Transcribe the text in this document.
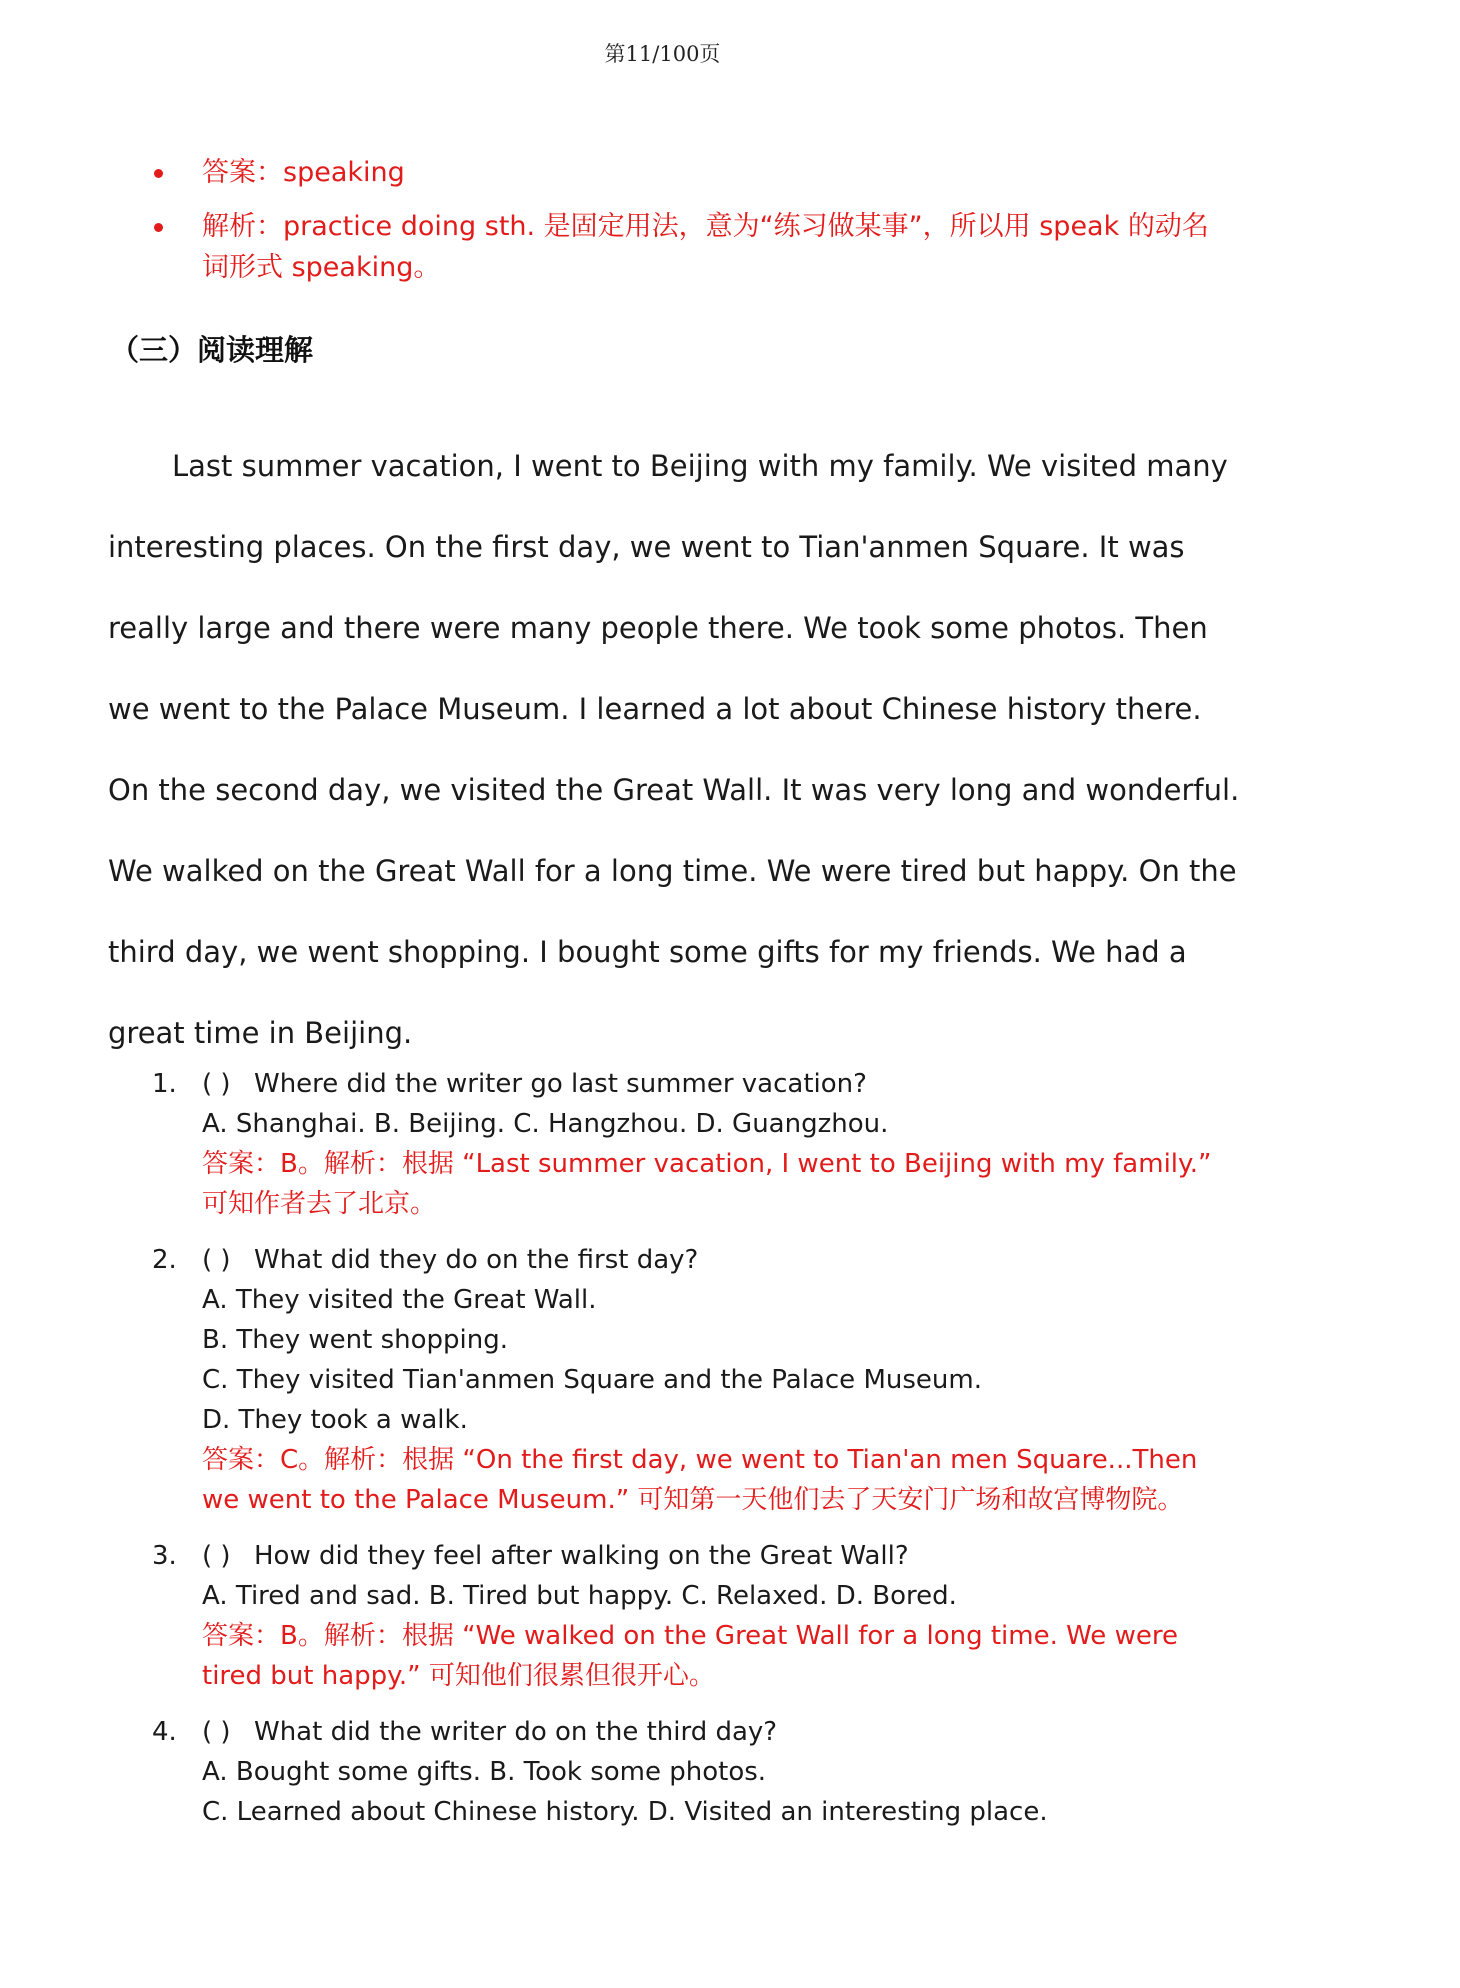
第11/100页
答案：speaking
解析：practice doing sth. 是固定用法，意为“练习做某事”，所以用 speak 的动名词形式 speaking。
（三）阅读理解

Last summer vacation, I went to Beijing with my family. We visited many interesting places. On the first day, we went to Tian'anmen Square. It was really large and there were many people there. We took some photos. Then we went to the Palace Museum. I learned a lot about Chinese history there. On the second day, we visited the Great Wall. It was very long and wonderful. We walked on the Great Wall for a long time. We were tired but happy. On the third day, we went shopping. I bought some gifts for my friends. We had a great time in Beijing.

1. ( ) Where did the writer go last summer vacation?
A. Shanghai. B. Beijing. C. Hangzhou. D. Guangzhou.
答案：B。解析：根据 “Last summer vacation, I went to Beijing with my family.” 可知作者去了北京。
2. ( ) What did they do on the first day?
A. They visited the Great Wall.
B. They went shopping.
C. They visited Tian'anmen Square and the Palace Museum.
D. They took a walk.
答案：C。解析：根据 “On the first day, we went to Tian'an men Square...Then we went to the Palace Museum.” 可知第一天他们去了天安门广场和故宫博物院。
3. ( ) How did they feel after walking on the Great Wall?
A. Tired and sad. B. Tired but happy. C. Relaxed. D. Bored.
答案：B。解析：根据 “We walked on the Great Wall for a long time. We were tired but happy.” 可知他们很累但很开心。
4. ( ) What did the writer do on the third day?
A. Bought some gifts. B. Took some photos.
C. Learned about Chinese history. D. Visited an interesting place.
